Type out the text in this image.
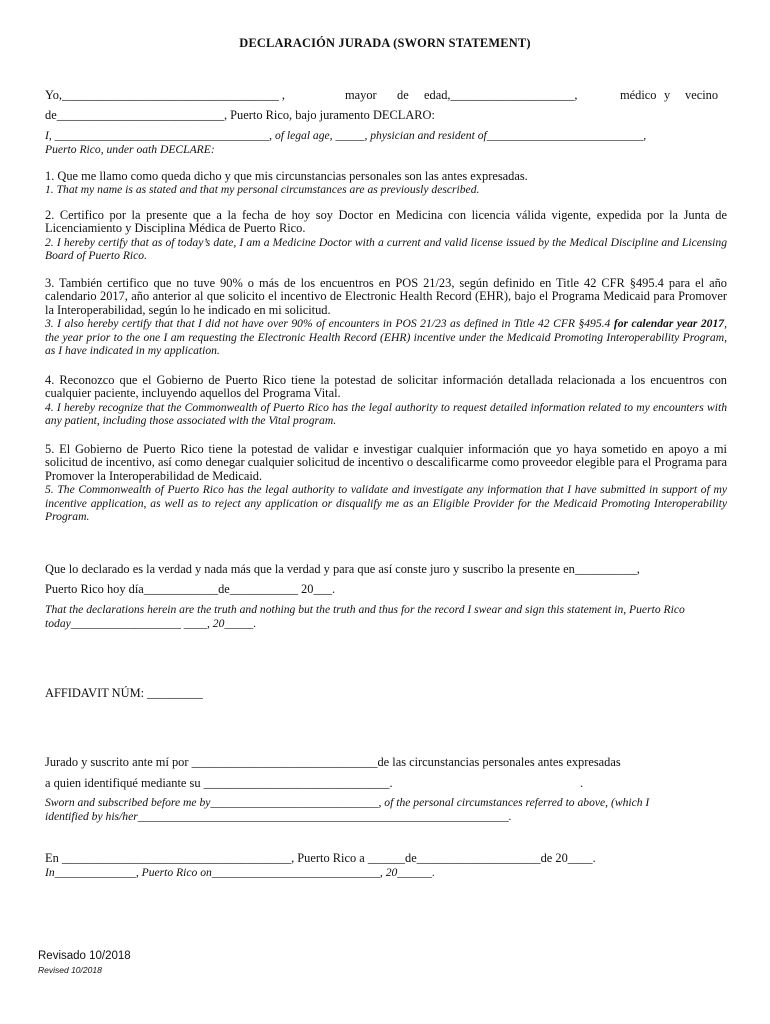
DECLARACIÓN JURADA (SWORN STATEMENT)
Yo,___________________________________ ,	mayor de edad,____________________,	médico y vecino
de___________________________, Puerto Rico, bajo juramento DECLARO:
I, _____________________________________, of legal age, _____, physician and resident of___________________________,
Puerto Rico, under oath DECLARE:
1. Que me llamo como queda dicho y que mis circunstancias personales son las antes expresadas.
1. That my name is as stated and that my personal circumstances are as previously described.
2. Certifico por la presente que a la fecha de hoy soy Doctor en Medicina con licencia válida vigente, expedida por la Junta de Licenciamiento y Disciplina Médica de Puerto Rico.
2. I hereby certify that as of today’s date, I am a Medicine Doctor with a current and valid license issued by the Medical Discipline and Licensing Board of Puerto Rico.
3. También certifico que no tuve 90% o más de los encuentros en POS 21/23, según definido en Title 42 CFR §495.4 para el año calendario 2017, año anterior al que solicito el incentivo de Electronic Health Record (EHR), bajo el Programa Medicaid para Promover la Interoperabilidad, según lo he indicado en mi solicitud.
3. I also hereby certify that that I did not have over 90% of encounters in POS 21/23 as defined in Title 42 CFR §495.4 for calendar year 2017, the year prior to the one I am requesting the Electronic Health Record (EHR) incentive under the Medicaid Promoting Interoperability Program, as I have indicated in my application.
4. Reconozco que el Gobierno de Puerto Rico tiene la potestad de solicitar información detallada relacionada a los encuentros con cualquier paciente, incluyendo aquellos del Programa Vital.
4. I hereby recognize that the Commonwealth of Puerto Rico has the legal authority to request detailed information related to my encounters with any patient, including those associated with the Vital program.
5. El Gobierno de Puerto Rico tiene la potestad de validar e investigar cualquier información que yo haya sometido en apoyo a mi solicitud de incentivo, así como denegar cualquier solicitud de incentivo o descalificarme como proveedor elegible para el Programa para Promover la Interoperabilidad de Medicaid.
5. The Commonwealth of Puerto Rico has the legal authority to validate and investigate any information that I have submitted in support of my incentive application, as well as to reject any application or disqualify me as an Eligible Provider for the Medicaid Promoting Interoperability Program.
Que lo declarado es la verdad y nada más que la verdad y para que así conste juro y suscribo la presente en__________,
Puerto Rico hoy día____________de___________ 20___.
That the declarations herein are the truth and nothing but the truth and thus for the record I swear and sign this statement in, Puerto Rico
today___________________ ____, 20_____.
AFFIDAVIT NÚM: _________
Jurado y suscrito ante mí por ______________________________de las circunstancias personales antes expresadas
a quien identifiqué mediante su ______________________________.	.
Sworn and subscribed before me by_____________________________, of the personal circumstances referred to above, (which I
identified by his/her________________________________________________________________.
En _____________________________________, Puerto Rico a ______de____________________de 20____.
In______________, Puerto Rico on_____________________________, 20______.
Revisado 10/2018
Revised 10/2018
